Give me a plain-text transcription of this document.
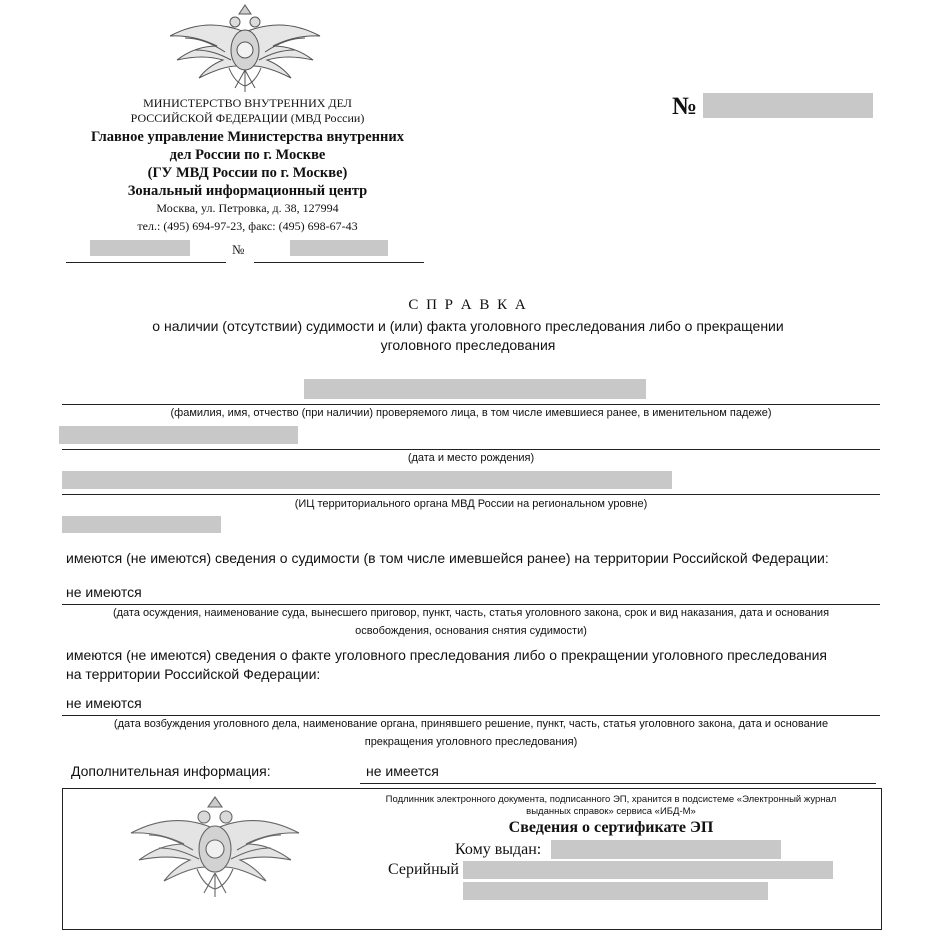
МИНИСТЕРСТВО ВНУТРЕННИХ ДЕЛ
РОССИЙСКОЙ ФЕДЕРАЦИИ (МВД России)
Главное управление Министерства внутренних
дел России по г. Москве
(ГУ МВД России по г. Москве)
Зональный информационный центр
Москва, ул. Петровка, д. 38, 127994
тел.: (495) 694-97-23, факс: (495) 698-67-43
№
№
С П Р А В К А
о наличии (отсутствии) судимости и (или) факта уголовного преследования либо о прекращении
уголовного преследования
(фамилия, имя, отчество (при наличии) проверяемого лица, в том числе имевшиеся ранее, в именительном падеже)
(дата и место рождения)
(ИЦ территориального органа МВД России на региональном уровне)
имеются (не имеются) сведения о судимости (в том числе имевшейся ранее) на территории Российской Федерации:
не имеются
(дата осуждения, наименование суда, вынесшего приговор, пункт, часть, статья уголовного закона, срок и вид наказания, дата и основания
освобождения, основания снятия судимости)
имеются (не имеются) сведения о факте уголовного преследования либо о прекращении уголовного преследования
на территории Российской Федерации:
не имеются
(дата возбуждения уголовного дела, наименование органа, принявшего решение, пункт, часть, статья уголовного закона, дата и основание
прекращения уголовного преследования)
Дополнительная информация:	не имеется
Подлинник электронного документа, подписанного ЭП, хранится в подсистеме «Электронный журнал
выданных справок» сервиса «ИБД-М»
Сведения о сертификате ЭП
Кому выдан:
Серийный
